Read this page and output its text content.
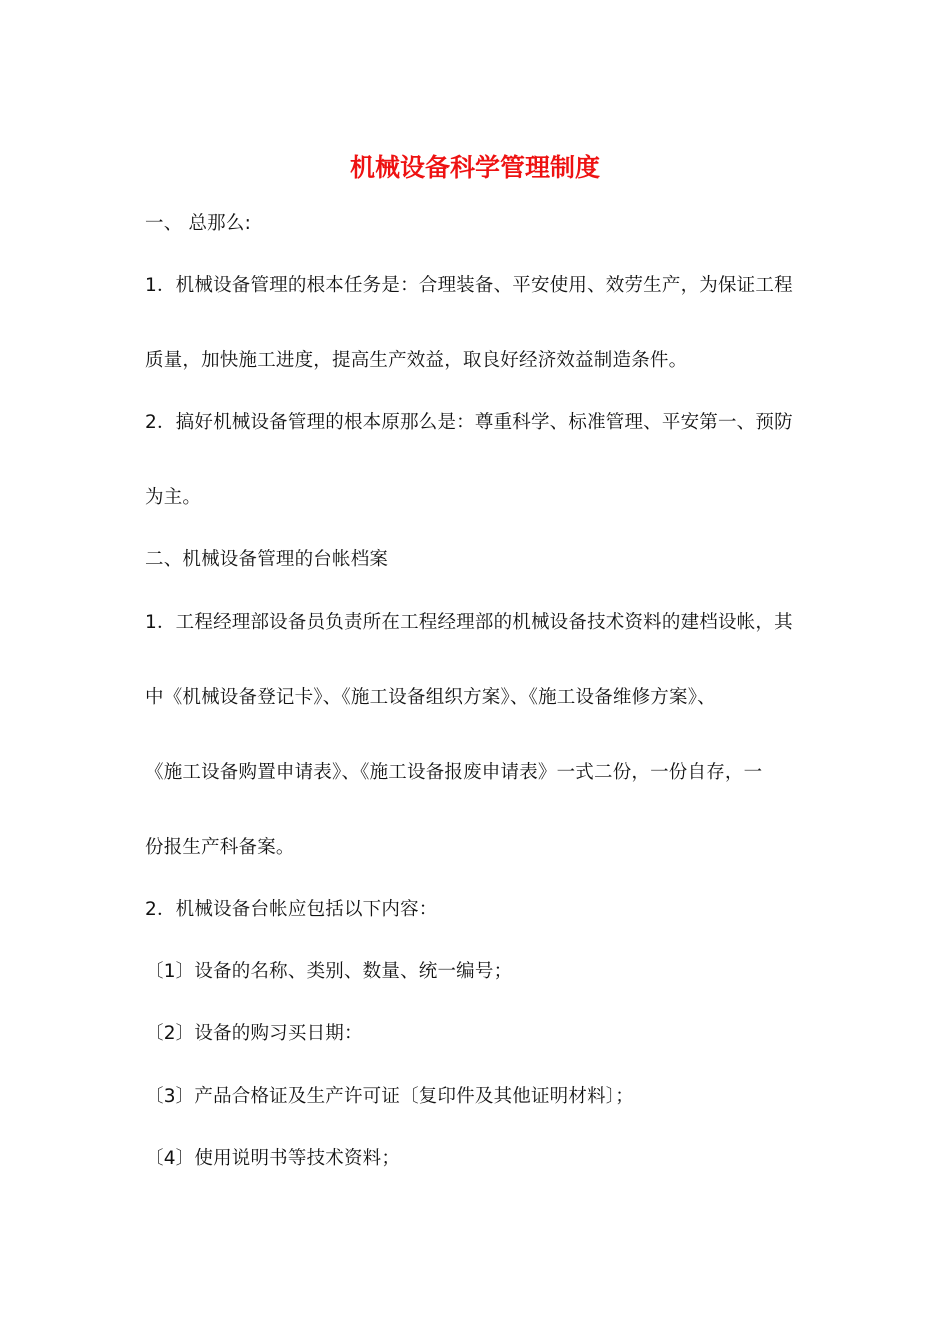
机械设备科学管理制度
一、 总那么:
1．机械设备管理的根本任务是：合理装备、平安使用、效劳生产，为保证工程
质量，加快施工进度，提高生产效益，取良好经济效益制造条件。
2．搞好机械设备管理的根本原那么是：尊重科学、标准管理、平安第一、预防
为主。
二、机械设备管理的台帐档案
1．工程经理部设备员负责所在工程经理部的机械设备技术资料的建档设帐，其
中《机械设备登记卡》、《施工设备组织方案》、《施工设备维修方案》、
《施工设备购置申请表》、《施工设备报废申请表》一式二份，一份自存，一
份报生产科备案。
2．机械设备台帐应包括以下内容：
〔1〕设备的名称、类别、数量、统一编号；
〔2〕设备的购习买日期：
〔3〕产品合格证及生产许可证〔复印件及其他证明材料〕；
〔4〕使用说明书等技术资料；
